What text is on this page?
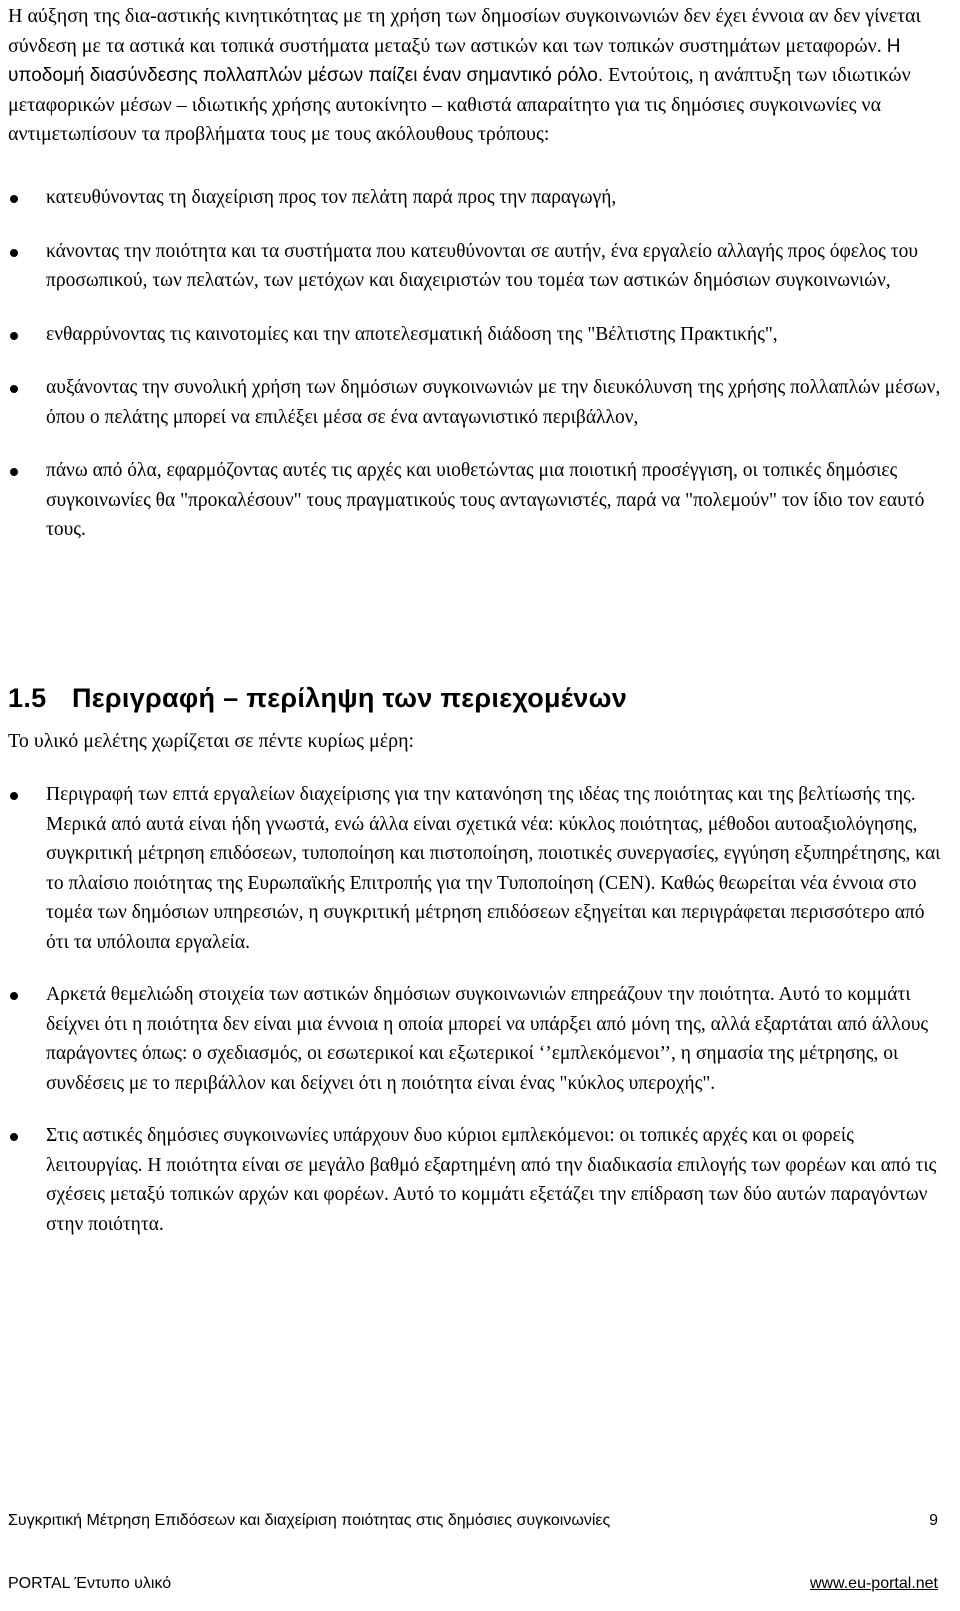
Η αύξηση της δια-αστικής κινητικότητας με τη χρήση των δημοσίων συγκοινωνιών δεν έχει έννοια αν δεν γίνεται σύνδεση με τα αστικά και τοπικά συστήματα μεταξύ των αστικών και των τοπικών συστημάτων μεταφορών. Η υποδομή διασύνδεσης πολλαπλών μέσων παίζει έναν σημαντικό ρόλο. Εντούτοις, η ανάπτυξη των ιδιωτικών μεταφορικών μέσων – ιδιωτικής χρήσης αυτοκίνητο – καθιστά απαραίτητο για τις δημόσιες συγκοινωνίες να αντιμετωπίσουν τα προβλήματα τους με τους ακόλουθους τρόπους:
κατευθύνοντας τη διαχείριση προς τον πελάτη παρά προς την παραγωγή,
κάνοντας την ποιότητα και τα συστήματα που κατευθύνονται σε αυτήν, ένα εργαλείο αλλαγής προς όφελος του προσωπικού, των πελατών, των μετόχων και διαχειριστών του τομέα των αστικών δημόσιων συγκοινωνιών,
ενθαρρύνοντας τις καινοτομίες και την αποτελεσματική διάδοση της "Βέλτιστης Πρακτικής",
αυξάνοντας την συνολική χρήση των δημόσιων συγκοινωνιών με την διευκόλυνση της χρήσης πολλαπλών μέσων, όπου ο πελάτης μπορεί να επιλέξει μέσα σε ένα ανταγωνιστικό περιβάλλον,
πάνω από όλα, εφαρμόζοντας αυτές τις αρχές και υιοθετώντας μια ποιοτική προσέγγιση, οι τοπικές δημόσιες συγκοινωνίες θα "προκαλέσουν" τους πραγματικούς τους ανταγωνιστές, παρά να "πολεμούν" τον ίδιο τον εαυτό τους.
1.5 Περιγραφή – περίληψη των περιεχομένων
Το υλικό μελέτης χωρίζεται σε πέντε κυρίως μέρη:
Περιγραφή των επτά εργαλείων διαχείρισης για την κατανόηση της ιδέας της ποιότητας και της βελτίωσής της. Μερικά από αυτά είναι ήδη γνωστά, ενώ άλλα είναι σχετικά νέα: κύκλος ποιότητας, μέθοδοι αυτοαξιολόγησης, συγκριτική μέτρηση επιδόσεων, τυποποίηση και πιστοποίηση, ποιοτικές συνεργασίες, εγγύηση εξυπηρέτησης, και το πλαίσιο ποιότητας της Ευρωπαϊκής Επιτροπής για την Τυποποίηση (CEN). Καθώς θεωρείται νέα έννοια στο τομέα των δημόσιων υπηρεσιών, η συγκριτική μέτρηση επιδόσεων εξηγείται και περιγράφεται περισσότερο από ότι τα υπόλοιπα εργαλεία.
Αρκετά θεμελιώδη στοιχεία των αστικών δημόσιων συγκοινωνιών επηρεάζουν την ποιότητα. Αυτό το κομμάτι δείχνει ότι η ποιότητα δεν είναι μια έννοια η οποία μπορεί να υπάρξει από μόνη της, αλλά εξαρτάται από άλλους παράγοντες όπως: ο σχεδιασμός, οι εσωτερικοί και εξωτερικοί ‘’εμπλεκόμενοι’’, η σημασία της μέτρησης, οι συνδέσεις με το περιβάλλον και δείχνει ότι η ποιότητα είναι ένας "κύκλος υπεροχής".
Στις αστικές δημόσιες συγκοινωνίες υπάρχουν δυο κύριοι εμπλεκόμενοι: οι τοπικές αρχές και οι φορείς λειτουργίας. Η ποιότητα είναι σε μεγάλο βαθμό εξαρτημένη από την διαδικασία επιλογής των φορέων και από τις σχέσεις μεταξύ τοπικών αρχών και φορέων. Αυτό το κομμάτι εξετάζει την επίδραση των δύο αυτών παραγόντων στην ποιότητα.
Συγκριτική Μέτρηση Επιδόσεων και διαχείριση ποιότητας στις δημόσιες συγκοινωνίες	9
PORTAL Έντυπο υλικό	www.eu-portal.net
